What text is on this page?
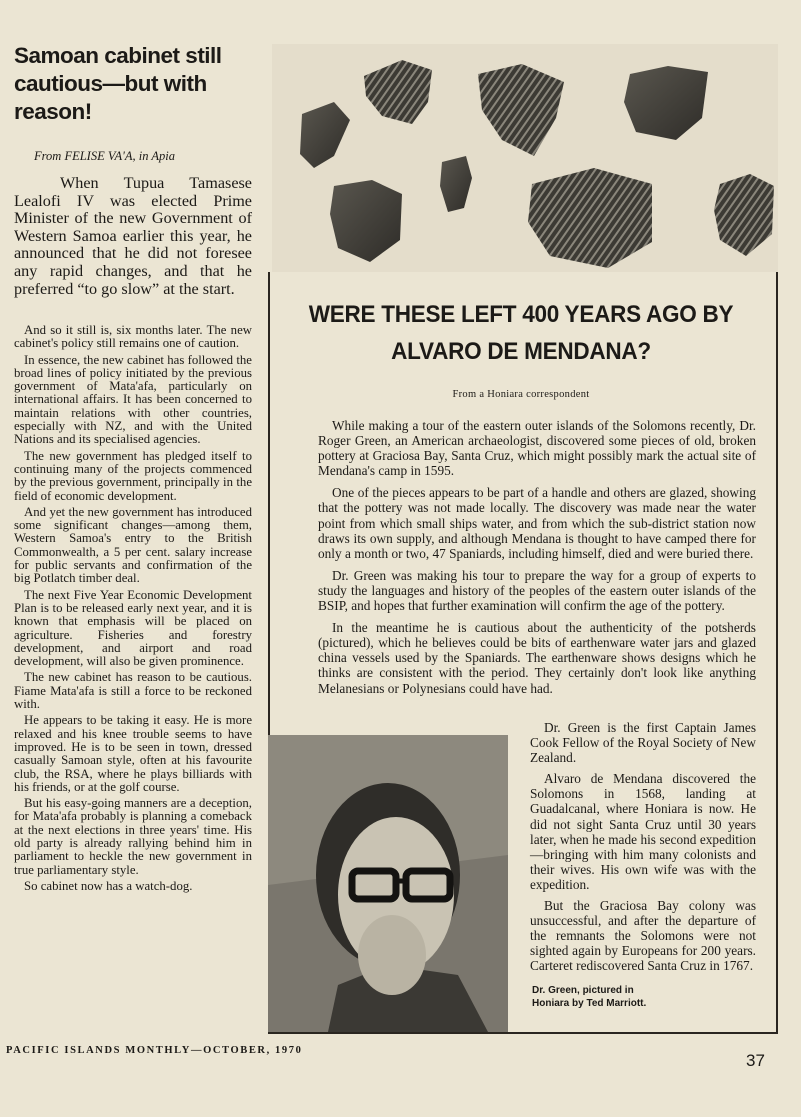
Samoan cabinet still cautious—but with reason!
From FELISE VA'A, in Apia
When Tupua Tamasese Lealofi IV was elected Prime Minister of the new Government of Western Samoa earlier this year, he announced that he did not foresee any rapid changes, and that he preferred “to go slow” at the start.

And so it still is, six months later. The new cabinet's policy still remains one of caution.

In essence, the new cabinet has followed the broad lines of policy initiated by the previous government of Mata'afa, particularly on international affairs. It has been concerned to maintain relations with other countries, especially with NZ, and with the United Nations and its specialised agencies.

The new government has pledged itself to continuing many of the projects commenced by the previous government, principally in the field of economic development.

And yet the new government has introduced some significant changes—among them, Western Samoa's entry to the British Commonwealth, a 5 per cent. salary increase for public servants and confirmation of the big Potlatch timber deal.

The next Five Year Economic Development Plan is to be released early next year, and it is known that emphasis will be placed on agriculture. Fisheries and forestry development, and airport and road development, will also be given prominence.

The new cabinet has reason to be cautious. Fiame Mata'afa is still a force to be reckoned with.

He appears to be taking it easy. He is more relaxed and his knee trouble seems to have improved. He is to be seen in town, dressed casually Samoan style, often at his favourite club, the RSA, where he plays billiards with his friends, or at the golf course.

But his easy-going manners are a deception, for Mata'afa probably is planning a comeback at the next elections in three years' time. His old party is already rallying behind him in parliament to heckle the new government in true parliamentary style.

So cabinet now has a watch-dog.

WERE THESE LEFT 400 YEARS AGO BY ALVARO DE MENDANA?
From a Honiara correspondent

While making a tour of the eastern outer islands of the Solomons recently, Dr. Roger Green, an American archaeologist, discovered some pieces of old, broken pottery at Graciosa Bay, Santa Cruz, which might possibly mark the actual site of Mendana's camp in 1595.

One of the pieces appears to be part of a handle and others are glazed, showing that the pottery was not made locally. The discovery was made near the water point from which small ships water, and from which the sub-district station now draws its own supply, and although Mendana is thought to have camped there for only a month or two, 47 Spaniards, including himself, died and were buried there.

Dr. Green was making his tour to prepare the way for a group of experts to study the languages and history of the peoples of the eastern outer islands of the BSIP, and hopes that further examination will confirm the age of the pottery.

In the meantime he is cautious about the authenticity of the potsherds (pictured), which he believes could be bits of earthenware water jars and glazed china vessels used by the Spaniards. The earthenware shows designs which he thinks are consistent with the period. They certainly don't look like anything Melanesians or Polynesians could have had.

Dr. Green is the first Captain James Cook Fellow of the Royal Society of New Zealand.

Alvaro de Mendana discovered the Solomons in 1568, landing at Guadalcanal, where Honiara is now. He did not sight Santa Cruz until 30 years later, when he made his second expedition—bringing with him many colonists and their wives. His own wife was with the expedition.

But the Graciosa Bay colony was unsuccessful, and after the departure of the remnants the Solomons were not sighted again by Europeans for 200 years. Carteret rediscovered Santa Cruz in 1767.

Dr. Green, pictured in Honiara by Ted Marriott.
PACIFIC ISLANDS MONTHLY—OCTOBER, 1970
37
